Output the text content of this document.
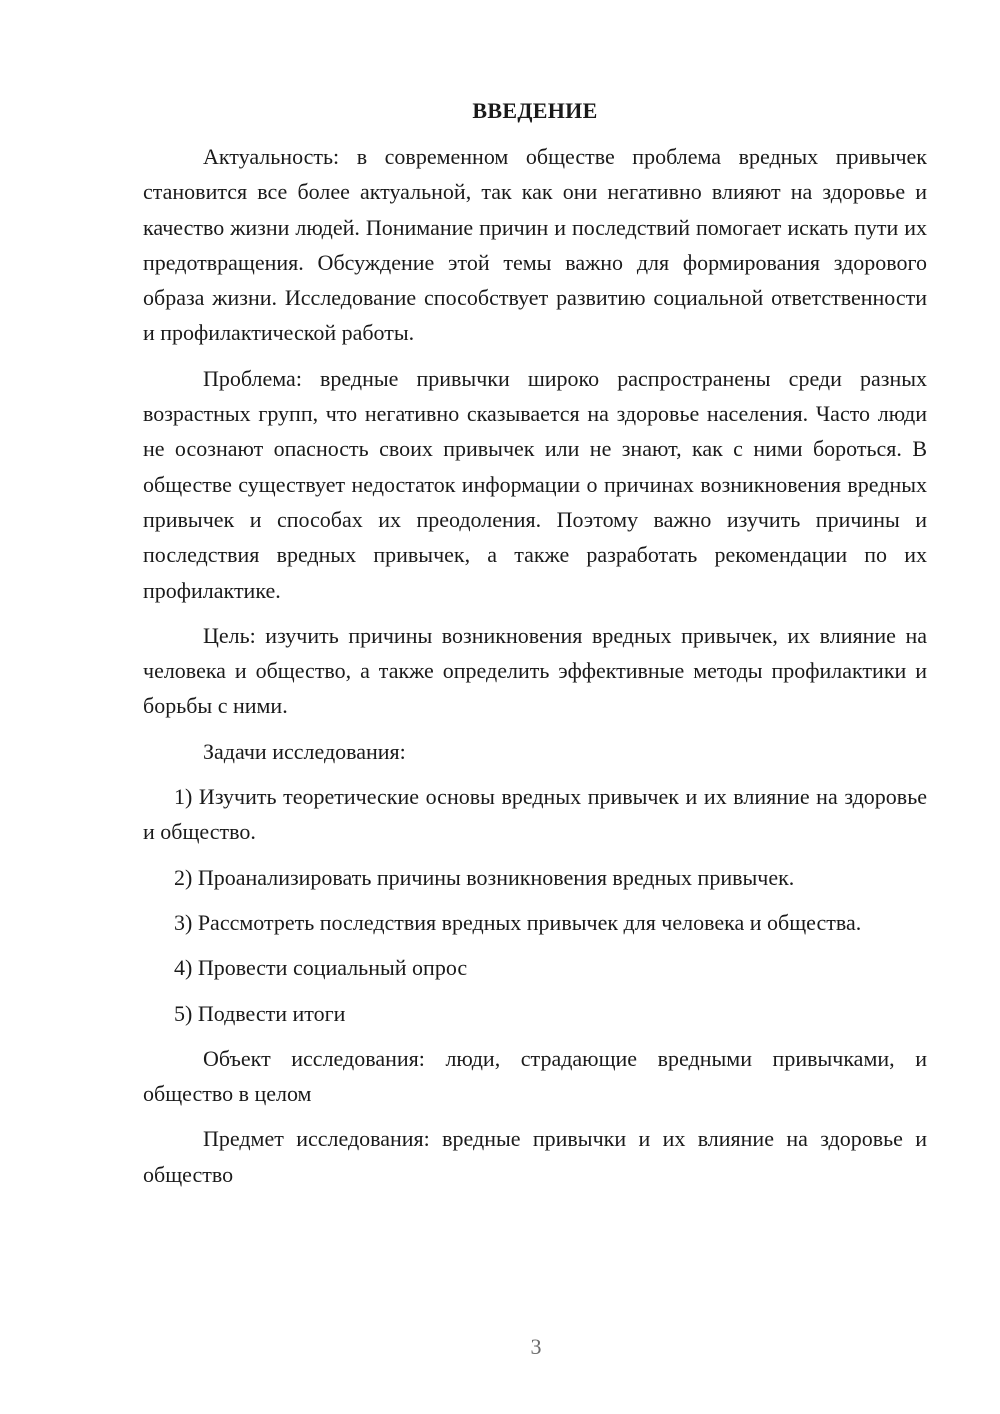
ВВЕДЕНИЕ

Актуальность: в современном обществе проблема вредных привычек становится все более актуальной, так как они негативно влияют на здоровье и качество жизни людей. Понимание причин и последствий помогает искать пути их предотвращения. Обсуждение этой темы важно для формирования здорового образа жизни. Исследование способствует развитию социальной ответственности и профилактической работы.

Проблема: вредные привычки широко распространены среди разных возрастных групп, что негативно сказывается на здоровье населения. Часто люди не осознают опасность своих привычек или не знают, как с ними бороться. В обществе существует недостаток информации о причинах возникновения вредных привычек и способах их преодоления. Поэтому важно изучить причины и последствия вредных привычек, а также разработать рекомендации по их профилактике.

Цель: изучить причины возникновения вредных привычек, их влияние на человека и общество, а также определить эффективные методы профилактики и борьбы с ними.

Задачи исследования:

1) Изучить теоретические основы вредных привычек и их влияние на здоровье и общество.

2) Проанализировать причины возникновения вредных привычек.

3) Рассмотреть последствия вредных привычек для человека и общества.

4) Провести социальный опрос

5) Подвести итоги

Объект исследования: люди, страдающие вредными привычками, и общество в целом

Предмет исследования: вредные привычки и их влияние на здоровье и общество

3
